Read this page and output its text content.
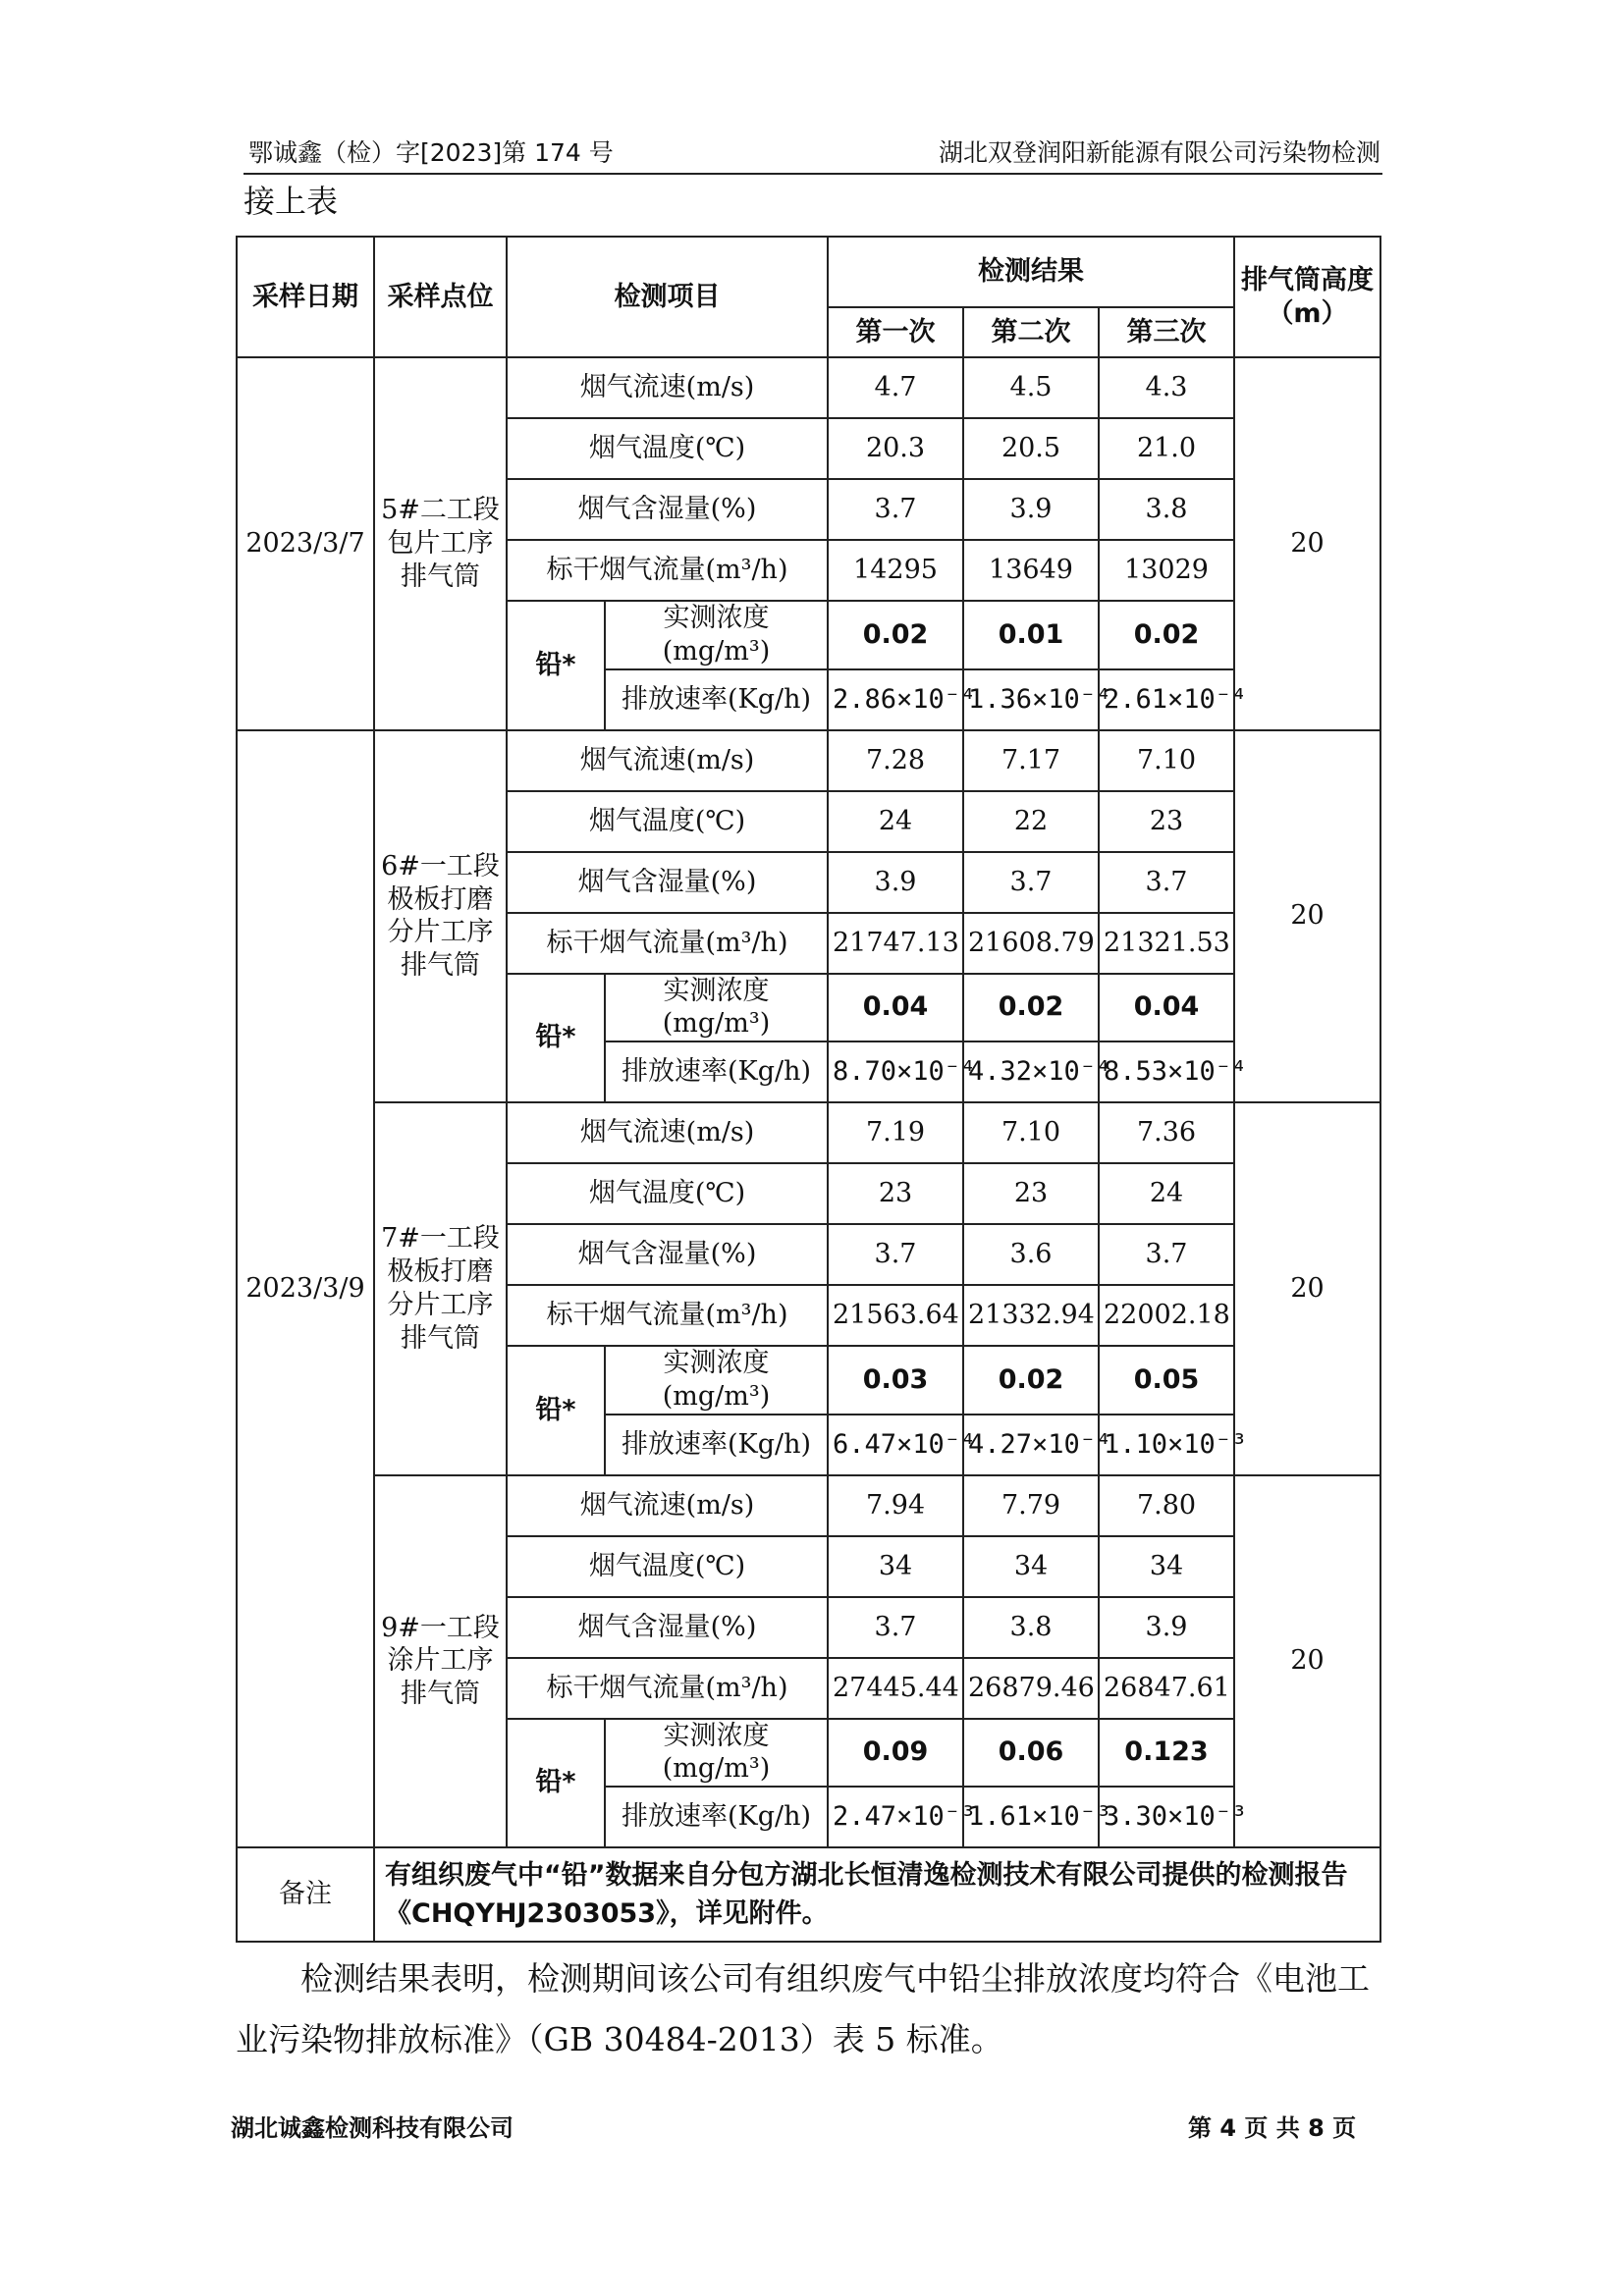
鄂诚鑫（检）字[2023]第 174 号	湖北双登润阳新能源有限公司污染物检测
接上表
采样日期	采样点位	检测项目		检测结果			排气筒高度（m）
				第一次	第二次	第三次	
2023/3/7	5#二工段包片工序排气筒	烟气流速(m/s)		4.7	4.5	4.3	20
		烟气温度(℃)		20.3	20.5	21.0	
		烟气含湿量(%)		3.7	3.9	3.8	
		标干烟气流量(m³/h)		14295	13649	13029	
		铅*	实测浓度(mg/m³)	0.02	0.01	0.02	
			排放速率(Kg/h)	2.86×10⁻⁴	1.36×10⁻⁴	2.61×10⁻⁴	
2023/3/9	6#一工段极板打磨分片工序排气筒	烟气流速(m/s)		7.28	7.17	7.10	20
		烟气温度(℃)		24	22	23	
		烟气含湿量(%)		3.9	3.7	3.7	
		标干烟气流量(m³/h)		21747.13	21608.79	21321.53	
		铅*	实测浓度(mg/m³)	0.04	0.02	0.04	
			排放速率(Kg/h)	8.70×10⁻⁴	4.32×10⁻⁴	8.53×10⁻⁴	
	7#一工段极板打磨分片工序排气筒	烟气流速(m/s)		7.19	7.10	7.36	20
		烟气温度(℃)		23	23	24	
		烟气含湿量(%)		3.7	3.6	3.7	
		标干烟气流量(m³/h)		21563.64	21332.94	22002.18	
		铅*	实测浓度(mg/m³)	0.03	0.02	0.05	
			排放速率(Kg/h)	6.47×10⁻⁴	4.27×10⁻⁴	1.10×10⁻³	
	9#一工段涂片工序排气筒	烟气流速(m/s)		7.94	7.79	7.80	20
		烟气温度(℃)		34	34	34	
		烟气含湿量(%)		3.7	3.8	3.9	
		标干烟气流量(m³/h)		27445.44	26879.46	26847.61	
		铅*	实测浓度(mg/m³)	0.09	0.06	0.123	
			排放速率(Kg/h)	2.47×10⁻³	1.61×10⁻³	3.30×10⁻³	
备注	有组织废气中“铅”数据来自分包方湖北长恒清逸检测技术有限公司提供的检测报告《CHQYHJ2303053》，详见附件。						
检测结果表明，检测期间该公司有组织废气中铅尘排放浓度均符合《电池工业污染物排放标准》（GB 30484-2013）表 5 标准。
湖北诚鑫检测科技有限公司	第 4 页 共 8 页
